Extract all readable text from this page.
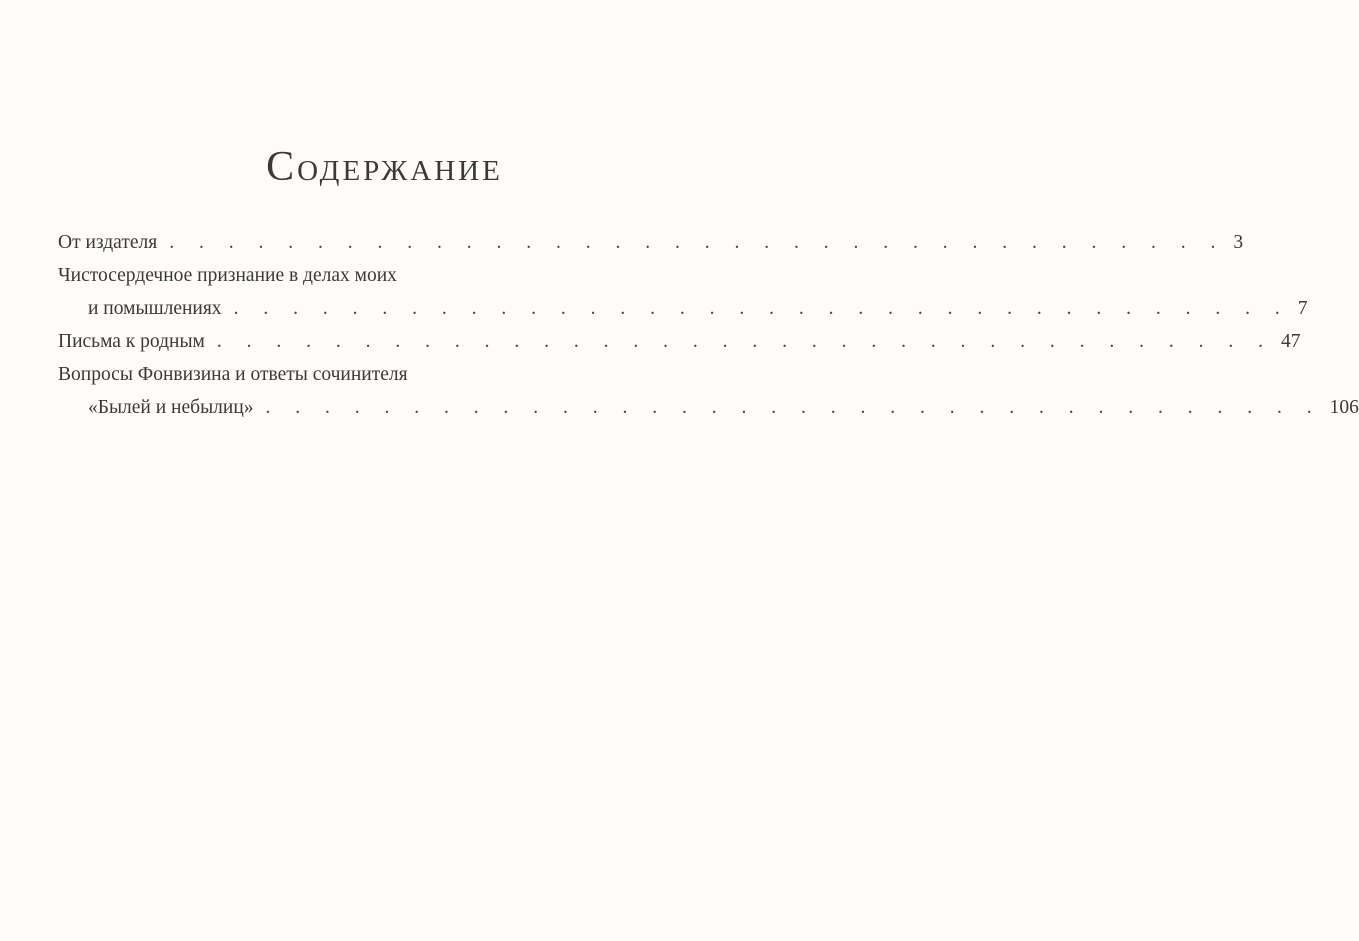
Содержание
От издателя . . . . . . . . . . . . . . . . . . . . . . . . . . . . . . . . . . . . 3
Чистосердечное признание в делах моих
и помышлениях . . . . . . . . . . . . . . . . . . . . . . . . . . . . . . . . . . . . 7
Письма к родным . . . . . . . . . . . . . . . . . . . . . . . . . . . . . . . . . . . . 47
Вопросы Фонвизина и ответы сочинителя
«Былей и небылиц» . . . . . . . . . . . . . . . . . . . . . . . . . . . . . . . . . . . . 106
